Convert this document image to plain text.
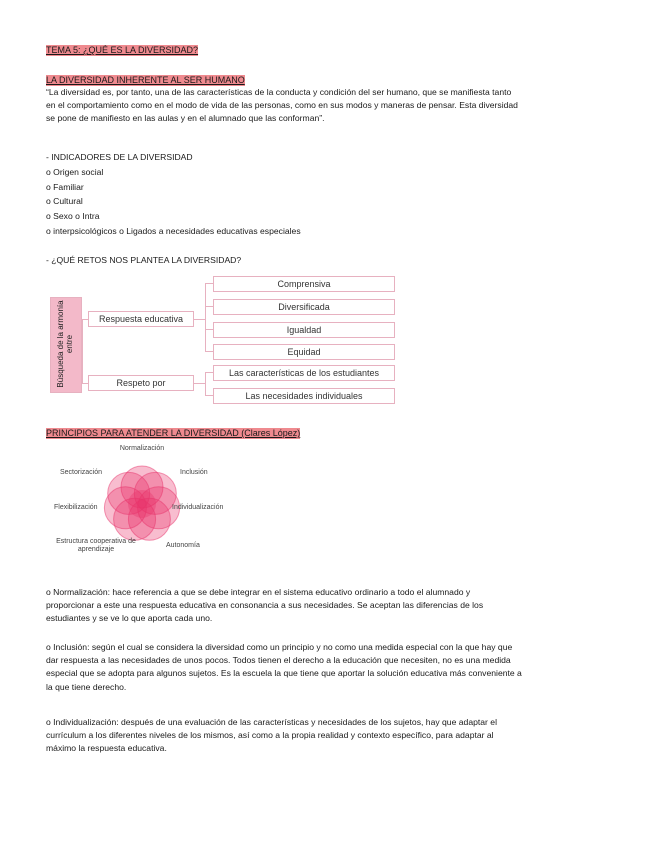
TEMA 5: ¿QUÉ ES LA DIVERSIDAD?
LA DIVERSIDAD INHERENTE AL SER HUMANO
“La diversidad es, por tanto, una de las características de la conducta y condición del ser humano, que se manifiesta tanto
en el comportamiento como en el modo de vida de las personas, como en sus modos y maneras de pensar. Esta diversidad
se pone de manifiesto en las aulas y en el alumnado que las conforman”.
- INDICADORES DE LA DIVERSIDAD
o Origen social
o Familiar
o Cultural
o Sexo o Intra
o interpsicológicos o Ligados a necesidades educativas especiales
- ¿QUÉ RETOS NOS PLANTEA LA DIVERSIDAD?
Búsqueda de la armonía entre
Respuesta educativa
Respeto por
Comprensiva
Diversificada
Igualdad
Equidad
Las características de los estudiantes
Las necesidades individuales
PRINCIPIOS PARA ATENDER LA DIVERSIDAD (Clares López)
Normalización
Sectorización	Inclusión
Flexibilización	Individualización
Estructura cooperativa de aprendizaje
Autonomía
o Normalización: hace referencia a que se debe integrar en el sistema educativo ordinario a todo el alumnado y
proporcionar a este una respuesta educativa en consonancia a sus necesidades. Se aceptan las diferencias de los
estudiantes y se ve lo que aporta cada uno.
o Inclusión: según el cual se considera la diversidad como un principio y no como una medida especial con la que hay que
dar respuesta a las necesidades de unos pocos. Todos tienen el derecho a la educación que necesiten, no es una medida
especial que se adopta para algunos sujetos. Es la escuela la que tiene que aportar la solución educativa más conveniente a
la que tiene derecho.
o Individualización: después de una evaluación de las características y necesidades de los sujetos, hay que adaptar el
currículum a los diferentes niveles de los mismos, así como a la propia realidad y contexto específico, para adaptar al
máximo la respuesta educativa.
